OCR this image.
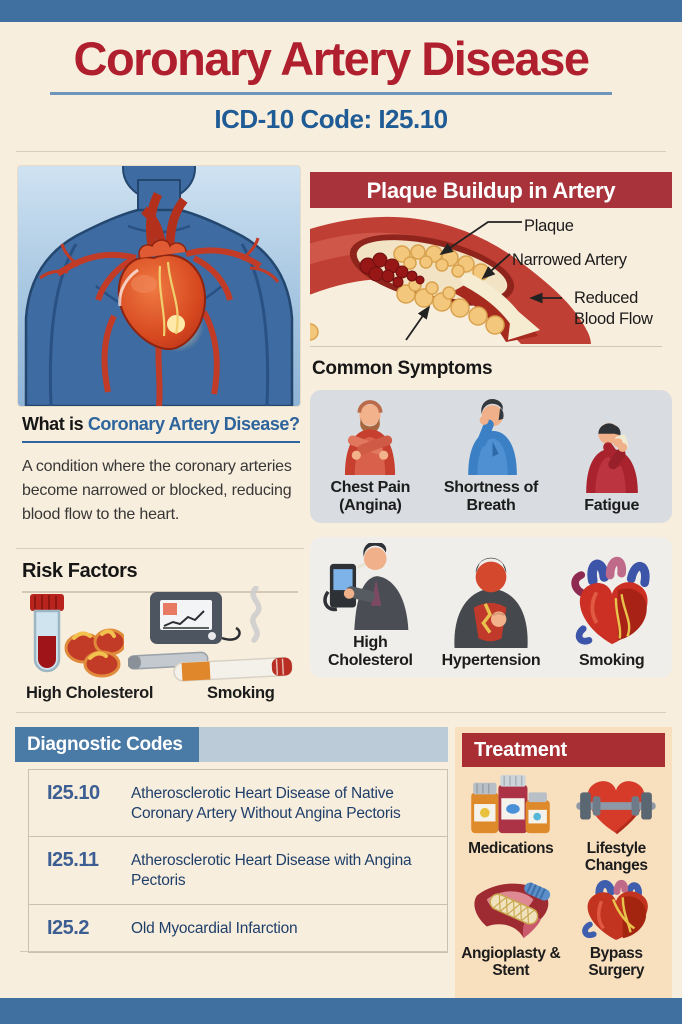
Coronary Artery Disease
ICD-10 Code: I25.10
What is Coronary Artery Disease?
A condition where the coronary arteries become narrowed or blocked, reducing blood flow to the heart.
Risk Factors
High Cholesterol	Smoking
Plaque Buildup in Artery
Plaque
Narrowed Artery
Reduced Blood Flow
Common Symptoms
Chest Pain (Angina)
Shortness of Breath	Fatigue
High Cholesterol	Hypertension Smoking
Diagnostic Codes
I25.10	Atherosclerotic Heart Disease of Native Coronary Artery Without Angina Pectoris
I25.11	Atherosclerotic Heart Disease with Angina Pectoris
I25.2	Old Myocardial Infarction
Treatment
Medications	Lifestyle Changes
Angioplasty & Stent
Bypass Surgery
